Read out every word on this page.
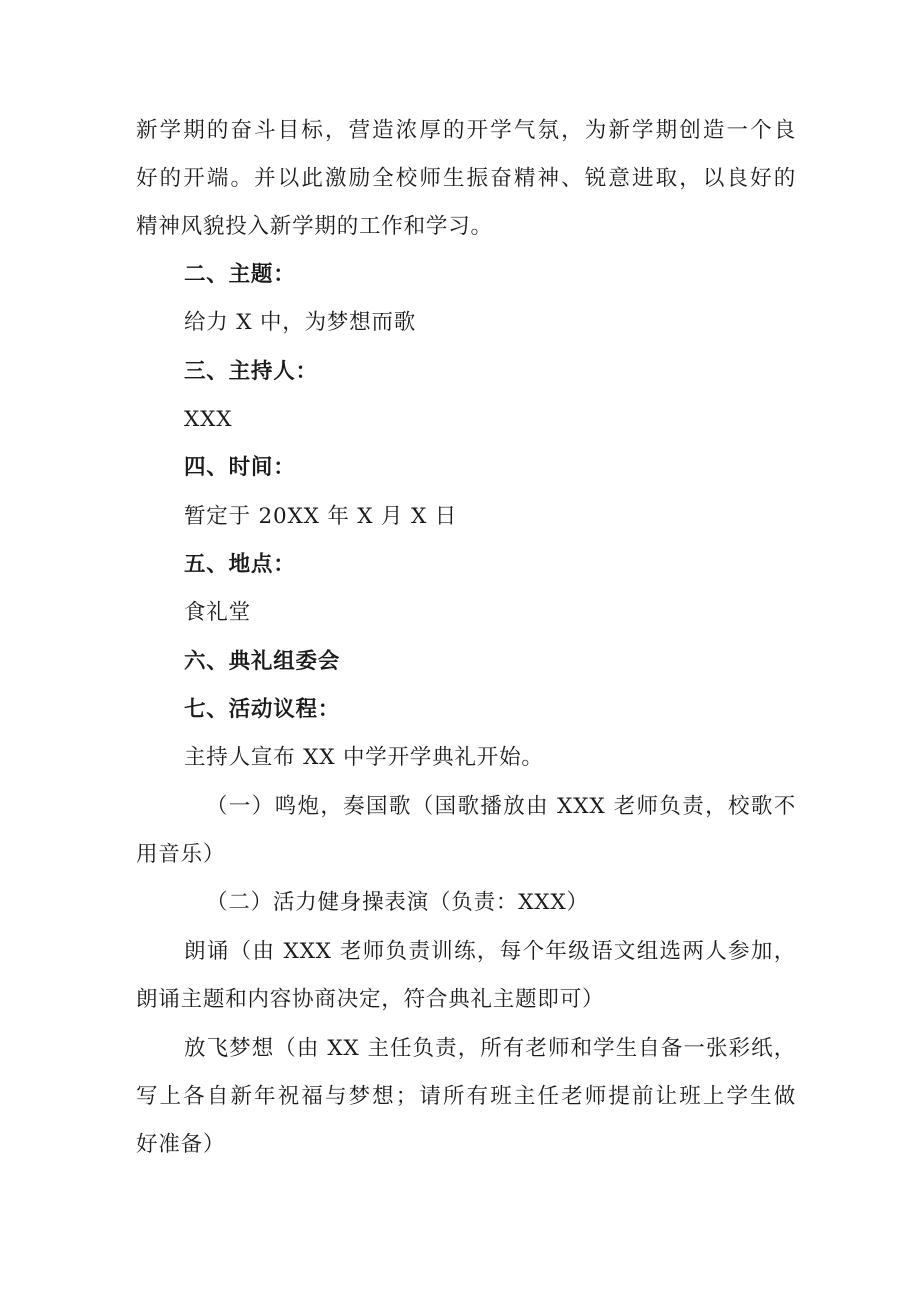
新学期的奋斗目标，营造浓厚的开学气氛，为新学期创造一个良
好的开端。并以此激励全校师生振奋精神、锐意进取，以良好的
精神风貌投入新学期的工作和学习。
二、主题：
给力 X 中，为梦想而歌
三、主持人：
XXX
四、时间：
暂定于 20XX 年 X 月 X 日
五、地点：
食礼堂
六、典礼组委会
七、活动议程：
主持人宣布 XX 中学开学典礼开始。
（一）鸣炮，奏国歌（国歌播放由 XXX 老师负责，校歌不
用音乐）
（二）活力健身操表演（负责：XXX）
朗诵（由 XXX 老师负责训练，每个年级语文组选两人参加，
朗诵主题和内容协商决定，符合典礼主题即可）
放飞梦想（由 XX 主任负责，所有老师和学生自备一张彩纸，
写上各自新年祝福与梦想；请所有班主任老师提前让班上学生做
好准备）
